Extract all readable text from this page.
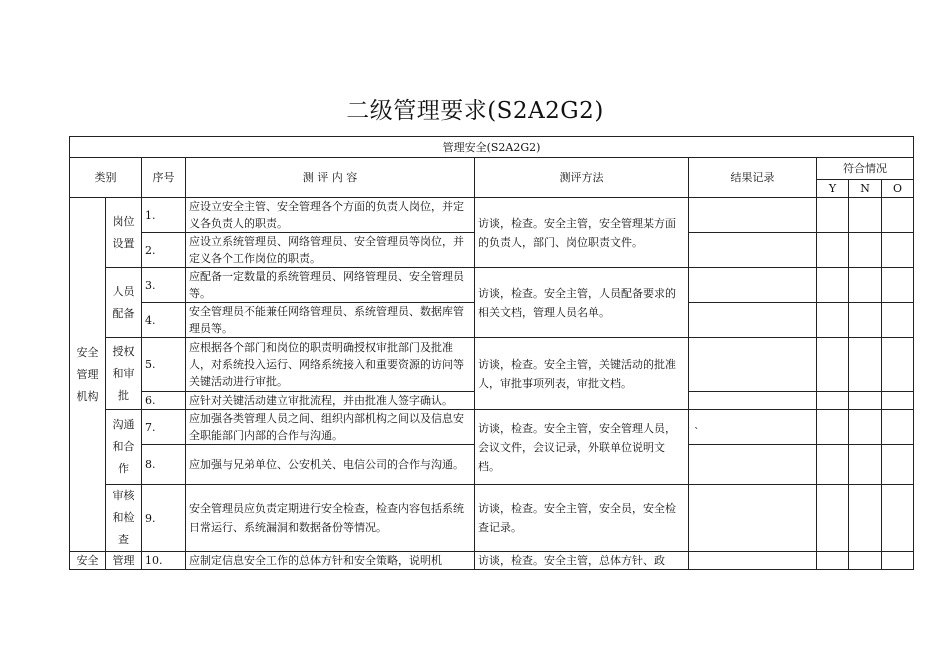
二级管理要求(S2A2G2)
管理安全(S2A2G2)								
类别		序号	测 评 内 容	测评方法	结果记录	符合情况		
						Y	N	O
安全管理机构	岗位设置	1.	应设立安全主管、安全管理各个方面的负责人岗位，并定义各负责人的职责。	访谈，检查。安全主管，安全管理某方面的负责人，部门、岗位职责文件。				
		2.	应设立系统管理员、网络管理员、安全管理员等岗位，并定义各个工作岗位的职责。					
	人员配备	3.	应配备一定数量的系统管理员、网络管理员、安全管理员等。	访谈，检查。安全主管，人员配备要求的相关文档，管理人员名单。				
		4.	安全管理员不能兼任网络管理员、系统管理员、数据库管理员等。					
	授权和审批	5.	应根据各个部门和岗位的职责明确授权审批部门及批准人，对系统投入运行、网络系统接入和重要资源的访问等关键活动进行审批。	访谈，检查。安全主管，关键活动的批准人，审批事项列表，审批文档。				
		6.	应针对关键活动建立审批流程，并由批准人签字确认。					
	沟通和合作	7.	应加强各类管理人员之间、组织内部机构之间以及信息安全职能部门内部的合作与沟通。	访谈，检查。安全主管，安全管理人员，会议文件，会议记录，外联单位说明文档。				
		8.	应加强与兄弟单位、公安机关、电信公司的合作与沟通。					
	审核和检查	9.	安全管理员应负责定期进行安全检查，检查内容包括系统日常运行、系统漏洞和数据备份等情况。	访谈，检查。安全主管，安全员，安全检查记录。				
安全	管理	10.	应制定信息安全工作的总体方针和安全策略，说明机	访谈，检查。安全主管，总体方针、政				
`
